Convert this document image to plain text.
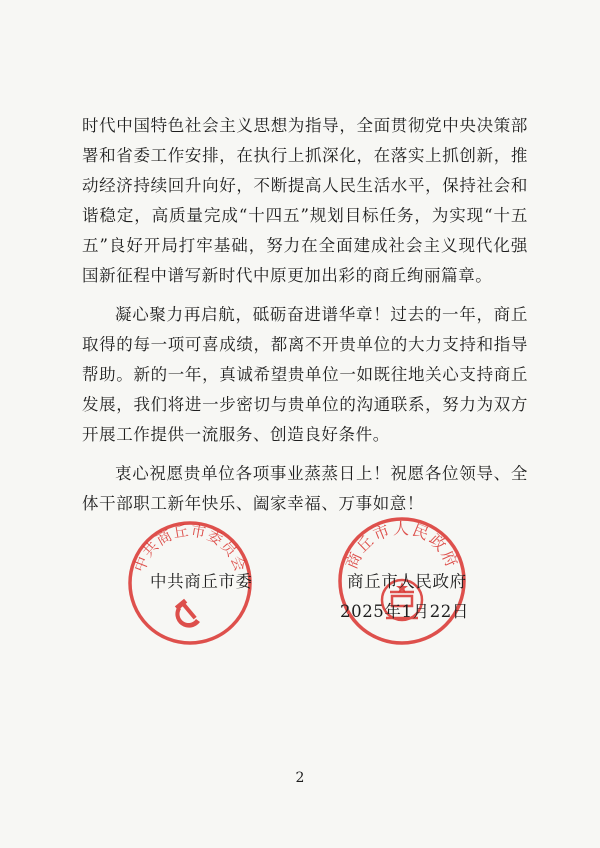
时代中国特色社会主义思想为指导，全面贯彻党中央决策部署和省委工作安排，在执行上抓深化，在落实上抓创新，推动经济持续回升向好，不断提高人民生活水平，保持社会和谐稳定，高质量完成“十四五”规划目标任务，为实现“十五五”良好开局打牢基础，努力在全面建成社会主义现代化强国新征程中谱写新时代中原更加出彩的商丘绚丽篇章。

凝心聚力再启航，砥砺奋进谱华章！过去的一年，商丘取得的每一项可喜成绩，都离不开贵单位的大力支持和指导帮助。新的一年，真诚希望贵单位一如既往地关心支持商丘发展，我们将进一步密切与贵单位的沟通联系，努力为双方开展工作提供一流服务、创造良好条件。

衷心祝愿贵单位各项事业蒸蒸日上！祝愿各位领导、全体干部职工新年快乐、阖家幸福、万事如意！

中共商丘市委员会	商丘市人民政府
中共商丘市委	商丘市人民政府
2025年1月22日
2
